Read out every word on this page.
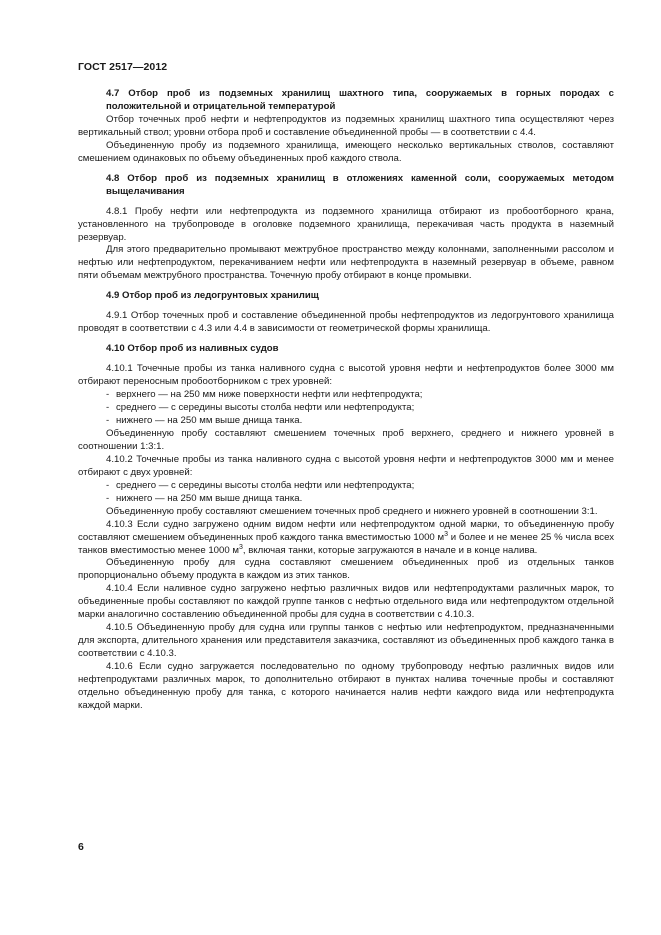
ГОСТ 2517—2012
4.7 Отбор проб из подземных хранилищ шахтного типа, сооружаемых в горных породах с положительной и отрицательной температурой

Отбор точечных проб нефти и нефтепродуктов из подземных хранилищ шахтного типа осуществляют через вертикальный ствол; уровни отбора проб и составление объединенной пробы — в соответствии с 4.4.

Объединенную пробу из подземного хранилища, имеющего несколько вертикальных стволов, составляют смешением одинаковых по объему объединенных проб каждого ствола.

4.8 Отбор проб из подземных хранилищ в отложениях каменной соли, сооружаемых методом выщелачивания

4.8.1 Пробу нефти или нефтепродукта из подземного хранилища отбирают из пробоотборного крана, установленного на трубопроводе в оголовке подземного хранилища, перекачивая часть продукта в наземный резервуар.

Для этого предварительно промывают межтрубное пространство между колоннами, заполненными рассолом и нефтью или нефтепродуктом, перекачиванием нефти или нефтепродукта в наземный резервуар в объеме, равном пяти объемам межтрубного пространства. Точечную пробу отбирают в конце промывки.

4.9 Отбор проб из ледогрунтовых хранилищ

4.9.1 Отбор точечных проб и составление объединенной пробы нефтепродуктов из ледогрунтового хранилища проводят в соответствии с 4.3 или 4.4 в зависимости от геометрической формы хранилища.

4.10 Отбор проб из наливных судов

4.10.1 Точечные пробы из танка наливного судна с высотой уровня нефти и нефтепродуктов более 3000 мм отбирают переносным пробоотборником с трех уровней:

- верхнего — на 250 мм ниже поверхности нефти или нефтепродукта;

- среднего — с середины высоты столба нефти или нефтепродукта;

- нижнего — на 250 мм выше днища танка.

Объединенную пробу составляют смешением точечных проб верхнего, среднего и нижнего уровней в соотношении 1:3:1.

4.10.2 Точечные пробы из танка наливного судна с высотой уровня нефти и нефтепродуктов 3000 мм и менее отбирают с двух уровней:

- среднего — с середины высоты столба нефти или нефтепродукта;

- нижнего — на 250 мм выше днища танка.

Объединенную пробу составляют смешением точечных проб среднего и нижнего уровней в соотношении 3:1.

4.10.3 Если судно загружено одним видом нефти или нефтепродуктом одной марки, то объединенную пробу составляют смешением объединенных проб каждого танка вместимостью 1000 $м^3$ и более и не менее 25 % числа всех танков вместимостью менее 1000 $м^3$, включая танки, которые загружаются в начале и в конце налива.

Объединенную пробу для судна составляют смешением объединенных проб из отдельных танков пропорционально объему продукта в каждом из этих танков.

4.10.4 Если наливное судно загружено нефтью различных видов или нефтепродуктами различных марок, то объединенные пробы составляют по каждой группе танков с нефтью отдельного вида или нефтепродуктом отдельной марки аналогично составлению объединенной пробы для судна в соответствии с 4.10.3.

4.10.5 Объединенную пробу для судна или группы танков с нефтью или нефтепродуктом, предназначенными для экспорта, длительного хранения или представителя заказчика, составляют из объединенных проб каждого танка в соответствии с 4.10.3.

4.10.6 Если судно загружается последовательно по одному трубопроводу нефтью различных видов или нефтепродуктами различных марок, то дополнительно отбирают в пунктах налива точечные пробы и составляют отдельно объединенную пробу для танка, с которого начинается налив нефти каждого вида или нефтепродукта каждой марки.

6
